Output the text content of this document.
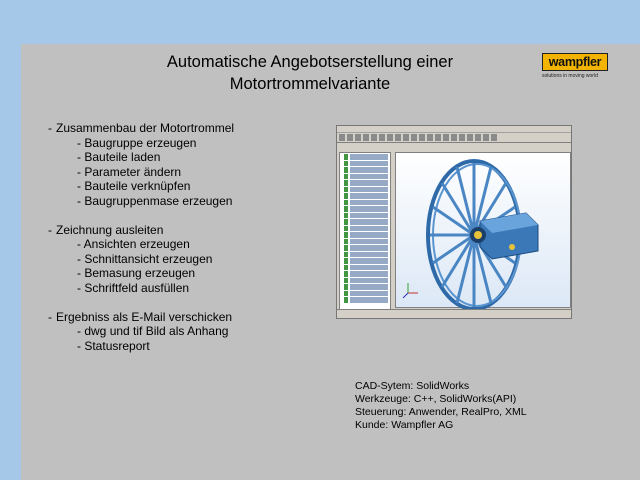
Automatische Angebotserstellung einer
Motortrommelvariante
wampfler
solutions in moving world
- Zusammenbau der Motortrommel
- Baugruppe erzeugen
- Bauteile laden
- Parameter ändern
- Bauteile verknüpfen
- Baugruppenmase erzeugen
- Zeichnung ausleiten
- Ansichten erzeugen
- Schnittansicht erzeugen
- Bemasung erzeugen
- Schriftfeld ausfüllen
- Ergebniss als E-Mail verschicken
- dwg und tif Bild als Anhang
- Statusreport
CAD-Sytem: SolidWorks
Werkzeuge: C++, SolidWorks(API)
Steuerung: Anwender, RealPro, XML
Kunde: Wampfler AG
